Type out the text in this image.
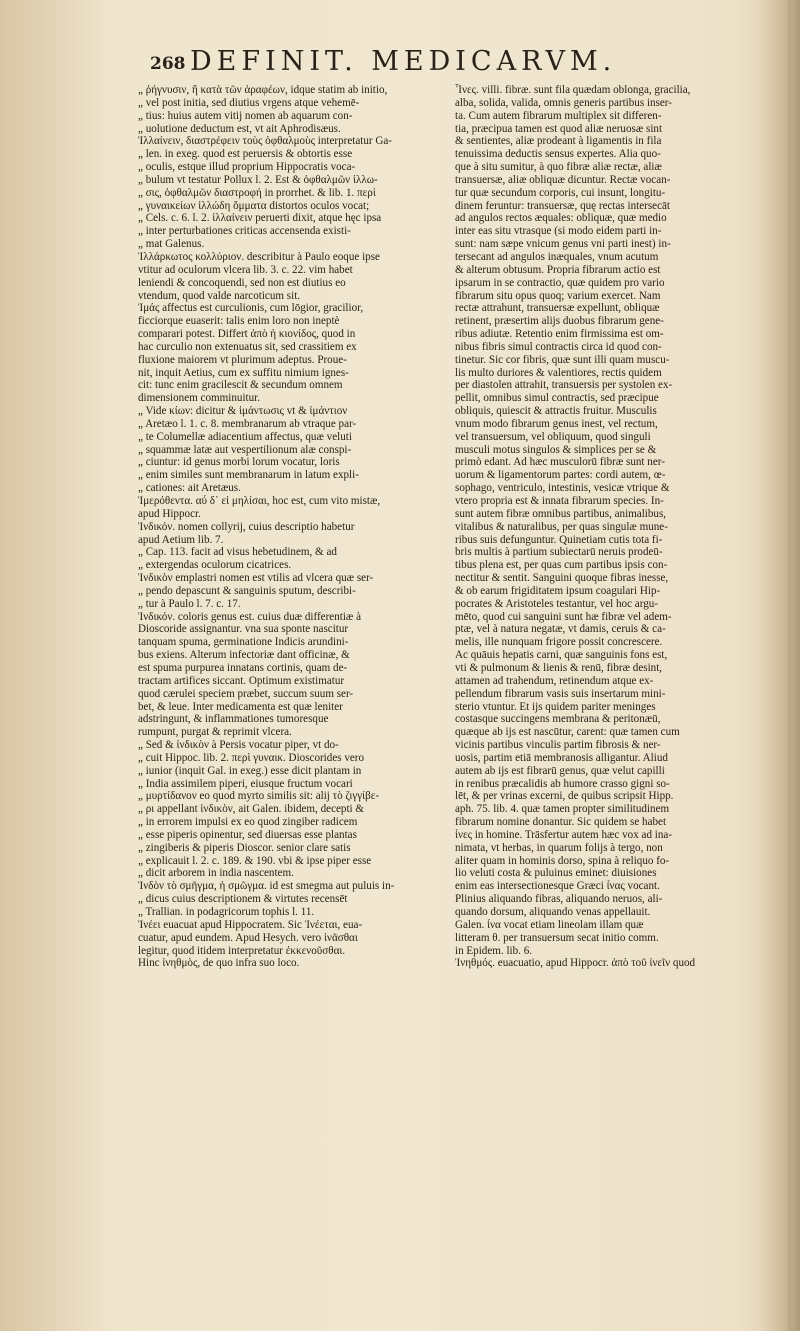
268 DEFINIT. MEDICARVM.

„ ῥήγνυσιν, ἢ κατὰ τῶν ἀραφέων, idque statim ab initio,

„ vel post initia, sed diutius vrgens atque vehemē-

„ tius: huius autem vitij nomen ab aquarum con-

„ uolutione deductum est, vt ait Aphrodisæus.

Ἰλλαίνειν, διαστρέφειν τοὺς ὀφθαλμοὺς interpretatur Ga-

„ len. in exeg. quod est peruersis & obtortis esse

„ oculis, estque illud proprium Hippocratis voca-

„ bulum vt testatur Pollux l. 2. Est & ὀφθαλμῶν ἰλλω-

„ σις, ὀφθαλμῶν διαστροφή in prorrhet. & lib. 1. περὶ

„ γυναικείων ἰλλώδη ὄμματα distortos oculos vocat;

„ Cels. c. 6. l. 2. ἰλλαίνειν peruerti dixit, atque hęc ipsa

„ inter perturbationes criticas accensenda existi-

„ mat Galenus.

Ἰλλάρκωτος κολλύριον. describitur à Paulo eoque ipse

vtitur ad oculorum vlcera lib. 3. c. 22. vim habet

leniendi & concoquendi, sed non est diutius eo

vtendum, quod valde narcoticum sit.

Ἰμάς affectus est curculionis, cum lōgior, gracilior,

ficciorque euaserit: talis enim loro non ineptè

comparari potest. Differt ἀπὸ ἡ κιονίδος, quod in

hac curculio non extenuatus sit, sed crassitiem ex

fluxione maiorem vt plurimum adeptus. Proue-

nit, inquit Aetius, cum ex suffitu nimium ignes-

cit: tunc enim gracilescit & secundum omnem

dimensionem comminuitur.

„ Vide κίων: dicitur & ἱμάντωσις vt & ἱμάντιον

„ Aretæo l. 1. c. 8. membranarum ab vtraque par-

„ te Columellæ adiacentium affectus, quæ veluti

„ squammæ latæ aut vespertilionum alæ conspi-

„ ciuntur: id genus morbi lorum vocatur, loris

„ enim similes sunt membranarum in latum expli-

„ cationes: ait Aretæus.

Ἱμερόθεντα. αὖ δ᾽ εἰ μηλίσαι, hoc est, cum vito mistæ,

apud Hippocr.

Ἰνδικόν. nomen collyrij, cuius descriptio habetur

apud Aetium lib. 7.

„ Cap. 113. facit ad visus hebetudinem, & ad

„ extergendas oculorum cicatrices.

Ἰνδικὸν emplastri nomen est vtilis ad vlcera quæ ser-

„ pendo depascunt & sanguinis sputum, describi-

„ tur à Paulo l. 7. c. 17.

Ἰνδικόν. coloris genus est. cuius duæ differentiæ à

Dioscoride assignantur. vna sua sponte nascitur

tanquam spuma, germinatione Indicis arundini-

bus exiens. Alterum infectoriæ dant officinæ, &

est spuma purpurea innatans cortinis, quam de-

tractam artifices siccant. Optimum existimatur

quod cærulei speciem præbet, succum suum ser-

bet, & leue. Inter medicamenta est quæ leniter

adstringunt, & inflammationes tumoresque

rumpunt, purgat & reprimit vlcera.

„ Sed & ἰνδικὸν à Persis vocatur piper, vt do-

„ cuit Hippoc. lib. 2. περὶ γυναικ. Dioscorides vero

„ iunior (inquit Gal. in exeg.) esse dicit plantam in

„ India assimilem piperi, eiusque fructum vocari

„ μυρτίδανον eo quod myrto similis sit: alij τὸ ζιγγίβε-

„ ρι appellant ἰνδικὸν, ait Galen. ibidem, decepti &

„ in errorem impulsi ex eo quod zingiber radicem

„ esse piperis opinentur, sed diuersas esse plantas

„ zingiberis & piperis Dioscor. senior clare satis

„ explicauit l. 2. c. 189. & 190. vbi & ipse piper esse

„ dicit arborem in india nascentem.

Ἰνδὸν τὸ σμῆγμα, ἡ σμῶγμα. id est smegma aut puluis in-

„ dicus cuius descriptionem & virtutes recensēt

„ Trallian. in podagricorum tophis l. 11.

Ἰνέει euacuat apud Hippocratem. Sic Ἰνέεται, eua-

cuatur, apud eundem. Apud Hesych. vero ἰνᾶσθαι

legitur, quod itidem interpretatur ἐκκενοῦσθαι.

Hinc ἰνηθμὸς, de quo infra suo loco.

Ἶνες. villi. fibræ. sunt fila quædam oblonga, gracilia,

alba, solida, valida, omnis generis partibus inser-

ta. Cum autem fibrarum multiplex sit differen-

tia, præcipua tamen est quod aliæ neruosæ sint

& sentientes, aliæ prodeant à ligamentis in fila

tenuissima deductis sensus expertes. Alia quo-

que à situ sumitur, à quo fibræ aliæ rectæ, aliæ

transuersæ, aliæ obliquæ dicuntur. Rectæ vocan-

tur quæ secundum corporis, cui insunt, longitu-

dinem feruntur: transuersæ, quę rectas intersecāt

ad angulos rectos æquales: obliquæ, quæ medio

inter eas situ vtrasque (si modo eidem parti in-

sunt: nam sæpe vnicum genus vni parti inest) in-

tersecant ad angulos inæquales, vnum acutum

& alterum obtusum. Propria fibrarum actio est

ipsarum in se contractio, quæ quidem pro vario

fibrarum situ opus quoq; varium exercet. Nam

rectæ attrahunt, transuersæ expellunt, obliquæ

retinent, præsertim alijs duobus fibrarum gene-

ribus adiutæ. Retentio enim firmissima est om-

nibus fibris simul contractis circa id quod con-

tinetur. Sic cor fibris, quæ sunt illi quam muscu-

lis multo duriores & valentiores, rectis quidem

per diastolen attrahit, transuersis per systolen ex-

pellit, omnibus simul contractis, sed præcipue

obliquis, quiescit & attractis fruitur. Musculis

vnum modo fibrarum genus inest, vel rectum,

vel transuersum, vel obliquum, quod singuli

musculi motus singulos & simplices per se &

primò edant. Ad hæc musculorū fibræ sunt ner-

uorum & ligamentorum partes: cordi autem, œ-

sophago, ventriculo, intestinis, vesicæ vtrique &

vtero propria est & innata fibrarum species. In-

sunt autem fibræ omnibus partibus, animalibus,

vitalibus & naturalibus, per quas singulæ mune-

ribus suis defunguntur. Quinetiam cutis tota fi-

bris multis à partium subiectarū neruis prodeū-

tibus plena est, per quas cum partibus ipsis con-

nectitur & sentit. Sanguini quoque fibras inesse,

& ob earum frigiditatem ipsum coagulari Hip-

pocrates & Aristoteles testantur, vel hoc argu-

mēto, quod cui sanguini sunt hæ fibræ vel adem-

ptæ, vel à natura negatæ, vt damis, ceruis & ca-

melis, ille nunquam frigore possit concrescere.

Ac quāuis hepatis carni, quæ sanguinis fons est,

vti & pulmonum & lienis & renū, fibræ desint,

attamen ad trahendum, retinendum atque ex-

pellendum fibrarum vasis suis insertarum mini-

sterio vtuntur. Et ijs quidem pariter meninges

costasque succingens membrana & peritonæū,

quæque ab ijs est nascūtur, carent: quæ tamen cum

vicinis partibus vinculis partim fibrosis & ner-

uosis, partim etiā membranosis alligantur. Aliud

autem ab ijs est fibrarū genus, quæ velut capilli

in renibus præcalidis ab humore crasso gigni so-

lēt, & per vrinas excerni, de quibus scripsit Hipp.

aph. 75. lib. 4. quæ tamen propter similitudinem

fibrarum nomine donantur. Sic quidem se habet

ἶνες in homine. Trāsfertur autem hæc vox ad ina-

nimata, vt herbas, in quarum folijs à tergo, non

aliter quam in hominis dorso, spina à reliquo fo-

lio veluti costa & puluinus eminet: diuisiones

enim eas intersectionesque Græci ἶνας vocant.

Plinius aliquando fibras, aliquando neruos, ali-

quando dorsum, aliquando venas appellauit.

Galen. ἶνα vocat etiam lineolam illam quæ

litteram θ. per transuersum secat initio comm.

in Epidem. lib. 6.

Ἰνηθμός. euacuatio, apud Hippocr. ἀπὸ τοῦ ἰνεῖν quod
